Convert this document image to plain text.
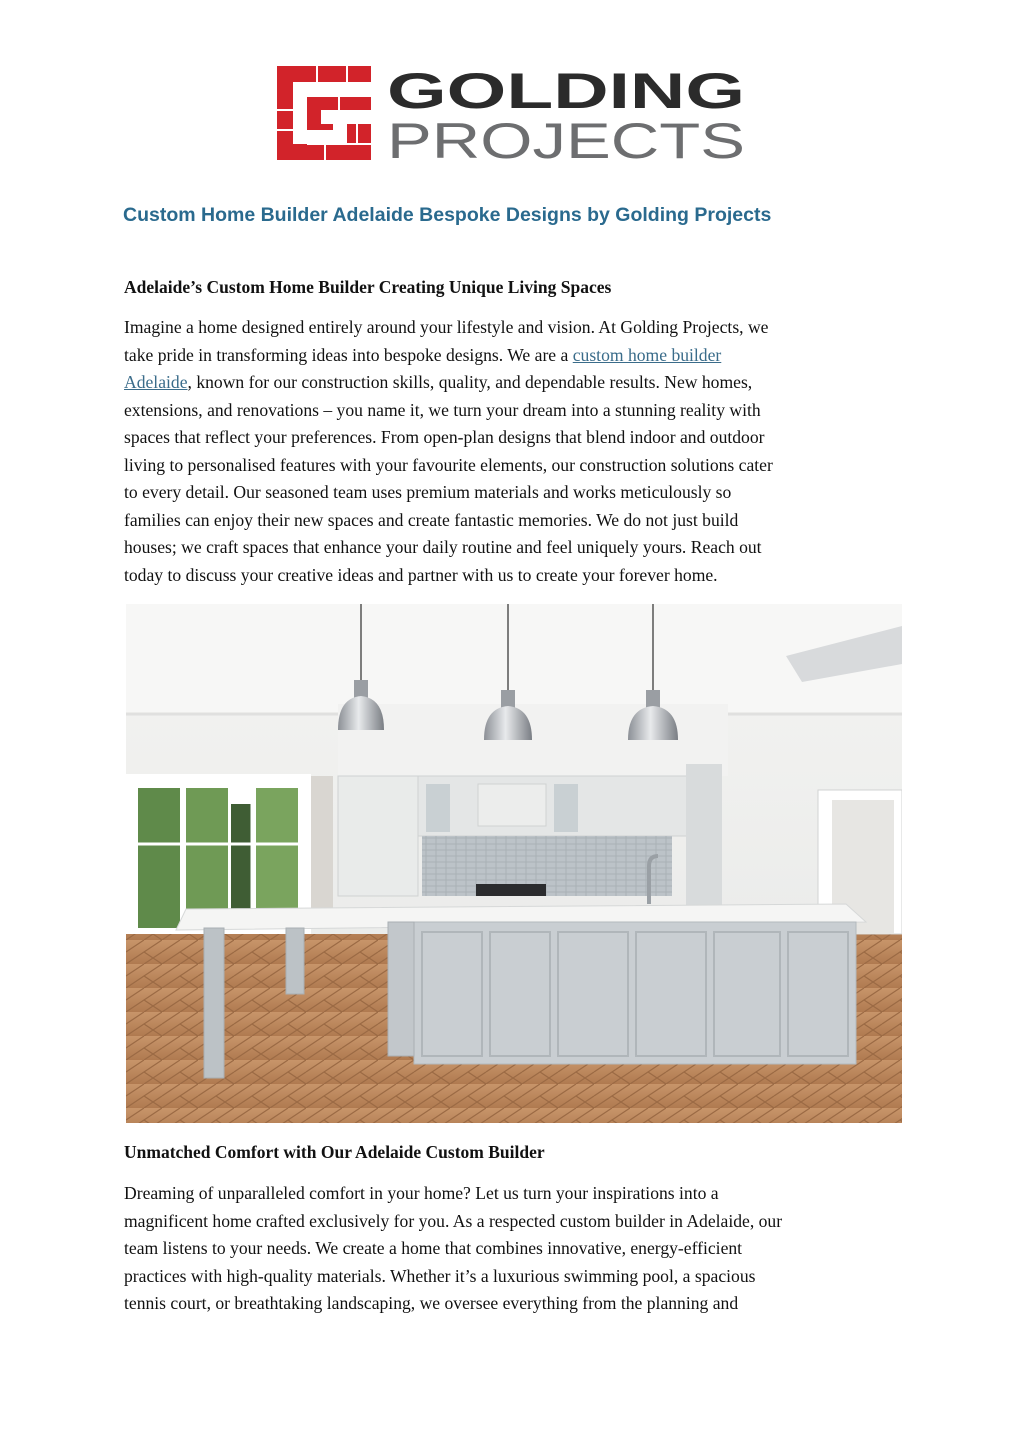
GOLDING
PROJECTS
Custom Home Builder Adelaide Bespoke Designs by Golding Projects
Adelaide’s Custom Home Builder Creating Unique Living Spaces
Imagine a home designed entirely around your lifestyle and vision. At Golding Projects, we
take pride in transforming ideas into bespoke designs. We are a custom home builder
Adelaide, known for our construction skills, quality, and dependable results. New homes,
extensions, and renovations – you name it, we turn your dream into a stunning reality with
spaces that reflect your preferences. From open-plan designs that blend indoor and outdoor
living to personalised features with your favourite elements, our construction solutions cater
to every detail. Our seasoned team uses premium materials and works meticulously so
families can enjoy their new spaces and create fantastic memories. We do not just build
houses; we craft spaces that enhance your daily routine and feel uniquely yours. Reach out
today to discuss your creative ideas and partner with us to create your forever home.
Unmatched Comfort with Our Adelaide Custom Builder
Dreaming of unparalleled comfort in your home? Let us turn your inspirations into a
magnificent home crafted exclusively for you. As a respected custom builder in Adelaide, our
team listens to your needs. We create a home that combines innovative, energy-efficient
practices with high-quality materials. Whether it’s a luxurious swimming pool, a spacious
tennis court, or breathtaking landscaping, we oversee everything from the planning and
